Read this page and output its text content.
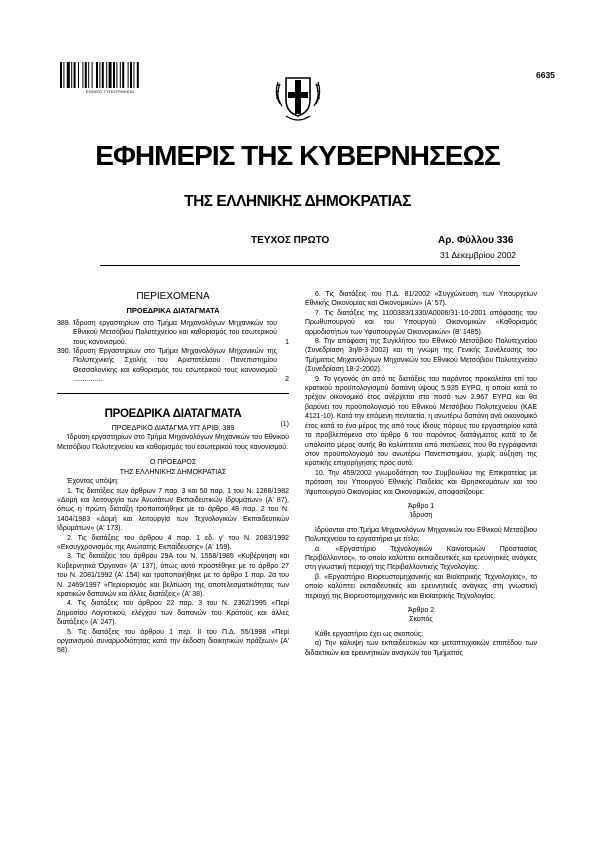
ΕΘΝΙΚΟ ΤΥΠΟΓΡΑΦΕΙΟ
6635
ΕΦΗΜΕΡΙΣ ΤΗΣ ΚΥΒΕΡΝΗΣΕΩΣ
ΤΗΣ ΕΛΛΗΝΙΚΗΣ ΔΗΜΟΚΡΑΤΙΑΣ
ΤΕΥΧΟΣ ΠΡΩΤΟ	Αρ. Φύλλου 336
31 Δεκεμβρίου 2002
ΠΕΡΙΕΧΟΜΕΝΑ
ΠΡΟΕΔΡΙΚΑ ΔΙΑΤΑΓΜΑΤΑ
389. Ίδρυση εργαστηρίων στο Τμήμα Μηχανολόγων Μηχανικών του Εθνικού Μετσόβιου Πολυτεχνείου και καθορισμός του εσωτερικού τους κανονισμού.	1
390. Ίδρυση Εργαστηρίων στο Τμήμα Μηχανολόγων Μηχανικών της Πολυτεχνικής Σχολής του Αριστοτέλειου Πανεπιστημίου Θεσσαλονίκης και καθορισμός του εσωτερικού τους κανονισμού ...............	2
ΠΡΟΕΔΡΙΚΑ ΔΙΑΤΑΓΜΑΤΑ
(1)

ΠΡΟΕΔΡΙΚΟ ΔΙΑΤΑΓΜΑ ΥΠ' ΑΡΙΘ. 389

Ίδρυση εργαστηρίων στο Τμήμα Μηχανολόγων Μηχανικών του Εθνικού Μετσόβιου Πολυτεχνείου και καθορισμός του εσωτερικού τους κανονισμού.

Ο ΠΡΟΕΔΡΟΣ

ΤΗΣ ΕΛΛΗΝΙΚΗΣ ΔΗΜΟΚΡΑΤΙΑΣ

Έχοντας υπόψη:

1. Τις διατάξεις των άρθρων 7 παρ. 3 και 50 παρ. 1 του Ν. 1268/1982 «Δομή και λειτουργία των Ανωτάτων Εκπαιδευτικών Ιδρυμάτων» (Α' 87), όπως η πρώτη διάταξη τροποποιήθηκε με το άρθρο 48 παρ. 2 του Ν. 1404/1983 «Δομή και λειτουργία των Τεχνολογικών Εκπαιδευτικών Ιδρυμάτων» (Α' 173).

2. Τις διατάξεις του άρθρου 4 παρ. 1 εδ. γ' του Ν. 2083/1992 «Εκσυγχρονισμός της Ανώτατης Εκπαίδευσης» (Α' 159).

3. Τις διατάξεις του άρθρου 29Α του Ν. 1558/1985 «Κυβέρνηση και Κυβερνητικά Όργανα» (Α' 137), όπως αυτό προστέθηκε με το άρθρο 27 του Ν. 2081/1992 (Α' 154) και τροποποιήθηκε με το άρθρο 1 παρ. 2α του Ν. 2469/1997 «Περιορισμός και βελτίωση της αποτελεσματικότητας των κρατικών δαπανών και άλλες διατάξεις» (Α' 38).

4. Τις διατάξεις του άρθρου 22 παρ. 3 του Ν. 2362/1995 «Περί Δημοσίου Λογιστικού, ελέγχου των δαπανών του Κράτους και άλλες διατάξεις» (Α' 247).

5. Τις διατάξεις του άρθρου 1 περ. ΙΙ του Π.Δ. 55/1998 «Περί οργανισμού συναρμοδιότητας κατά την έκδοση διοικητικών πράξεων» (Α' 58).

6. Τις διατάξεις του Π.Δ. 81/2002 «Συγχώνευση των Υπουργείων Εθνικής Οικονομίας και Οικονομικών» (Α' 57).

7. Τις διατάξεις της 1100383/1330/Α0006/31-10-2001 απόφασης του Πρωθυπουργού και του Υπουργού Οικονομικών «Καθορισμός αρμοδιοτήτων των Υφυπουργών Οικονομικών» (Β' 1485).

8. Την απόφαση της Συγκλήτου του Εθνικού Μετσόβιου Πολυτεχνείου (Συνεδρίαση 3η/8-3-2002) και τη γνώμη της Γενικής Συνέλευσης του Τμήματος Μηχανολόγων Μηχανικών του Εθνικού Μετσόβιου Πολυτεχνείου (Συνεδρίαση 18-2-2002).

9. Το γεγονός ότι από τις διατάξεις του παρόντος προκαλείται επί του κρατικού προϋπολογισμού δαπάνη ύψους 5.935 ΕΥΡΩ, η οποία κατά το τρέχον οικονομικό έτος ανέρχεται στο ποσό των 2.967 ΕΥΡΩ και θα βαρύνει τον προϋπολογισμό του Εθνικού Μετσόβιου Πολυτεχνείου (ΚΑΕ 4121-10). Κατά την επόμενη πενταετία, η ανωτέρω δαπάνη ανά οικονομικό έτος κατά το ένα μέρος της από τους ίδιους πόρους του εργαστηρίου κατά τα προβλεπόμενα στο άρθρο 6 του παρόντος διατάγματος κατά το δε υπόλοιπο μέρος αυτής θα καλύπτεται από πιστώσεις που θα εγγράφονται στον προϋπολογισμό του ανωτέρω Πανεπιστημίου, χωρίς αύξηση της κρατικής επιχορήγησης προς αυτό.

10. Την 459/2002 γνωμοδότηση του Συμβουλίου της Επικρατείας με πρόταση του Υπουργού Εθνικής Παιδείας και Θρησκευμάτων και του Υφυπουργού Οικονομίας και Οικονομικών, αποφασίζουμε:

Άρθρο 1

Ίδρυση

Ιδρύονται στο Τμήμα Μηχανολόγων Μηχανικών του Εθνικού Μετσόβιου Πολυτεχνείου τα εργαστήρια με τίτλο:

α. «Εργαστήριο Τεχνολογικών Καινοτομιών Προστασίας Περιβάλλοντος», το οποίο καλύπτει εκπαιδευτικές και ερευνητικές ανάγκες στη γνωστική περιοχή της Περιβαλλοντικής Τεχνολογίας.

β. «Εργαστήριο Βιορευστομηχανικής και Βιοϊατρικής Τεχνολογίας», το οποίο καλύπτει εκπαιδευτικές και ερευνητικές ανάγκες στη γνωστική περιοχή της Βιορευστομηχανικής και Βιοϊατρικής Τεχνολογίας.

Άρθρο 2

Σκοπός

Κάθε εργαστήριο έχει ως σκοπούς:

α) Την κάλυψη των εκπαιδευτικών και μεταπτυχιακών επιπέδου των διδακτικών και ερευνητικών αναγκών του Τμήματος
